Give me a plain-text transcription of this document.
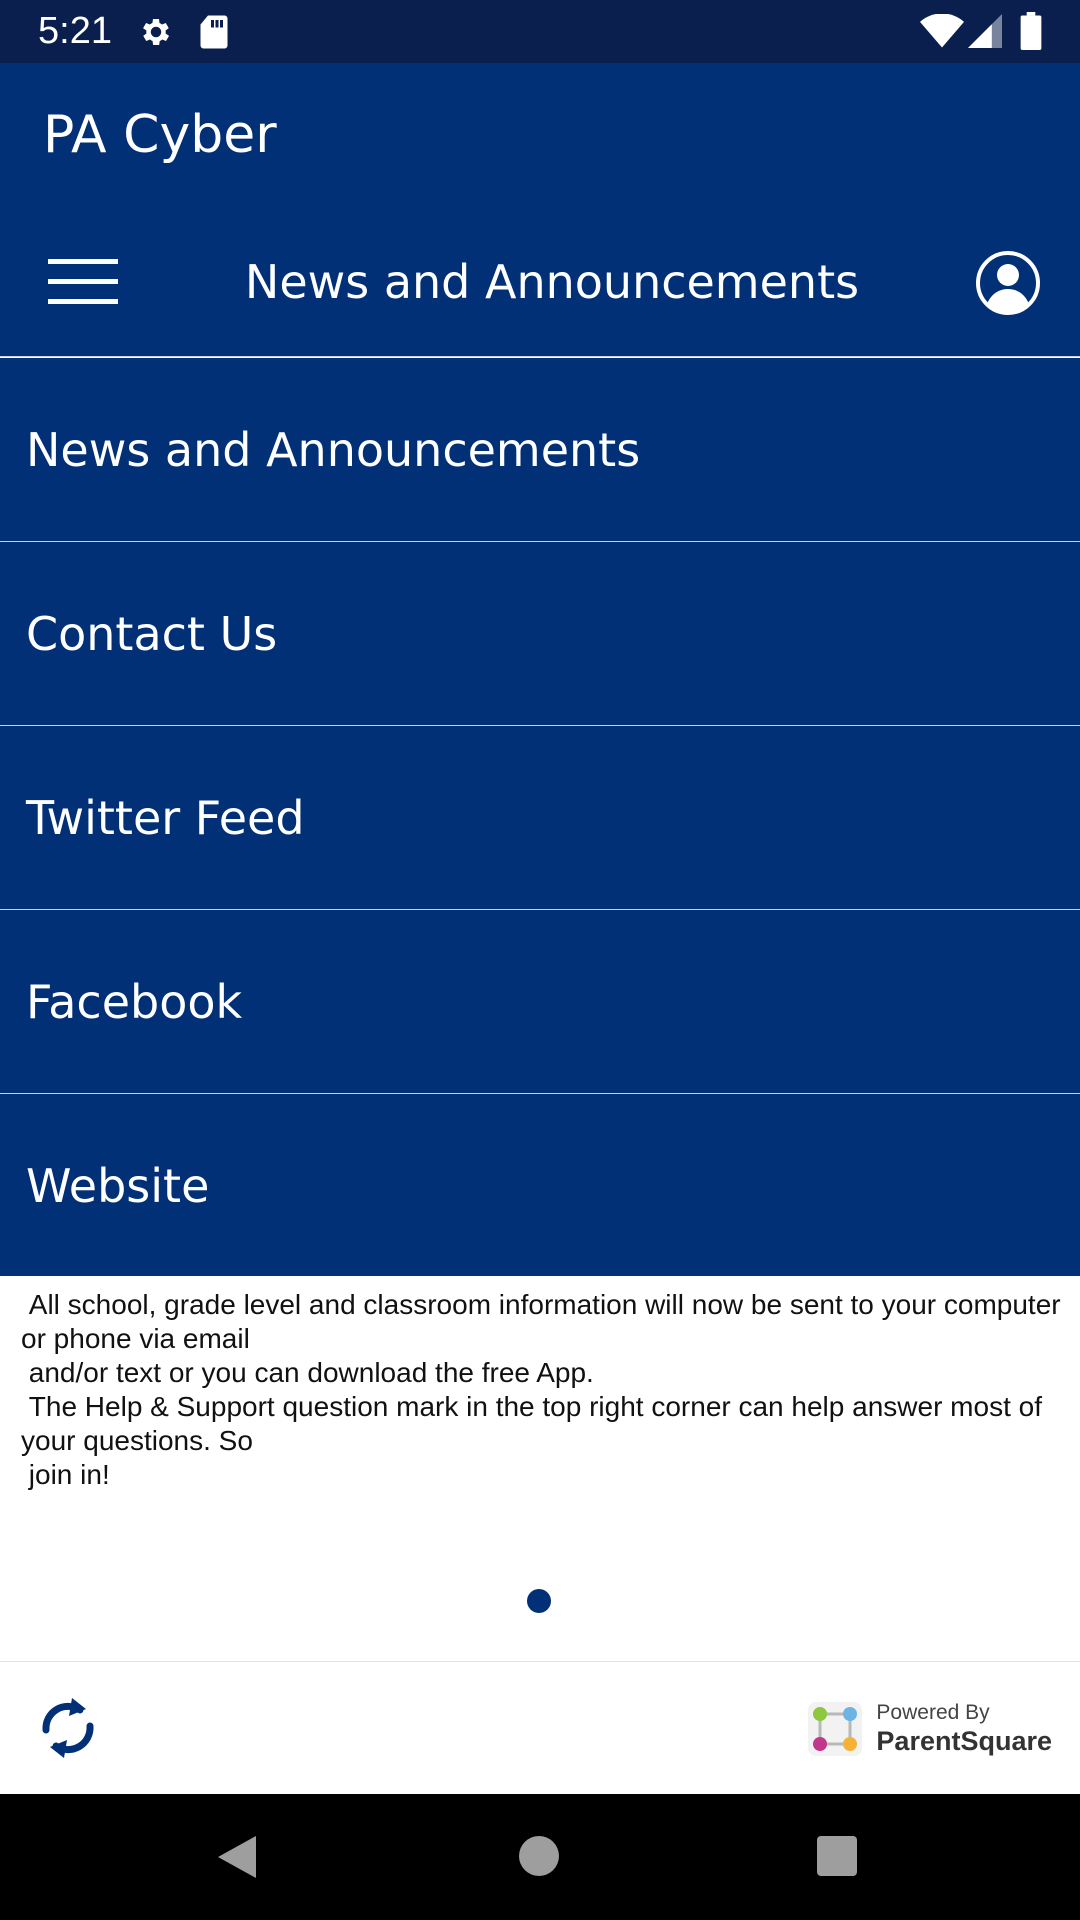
5:21
PA Cyber
News and Announcements
News and Announcements
Contact Us
Twitter Feed
Facebook
Website
All school, grade level and classroom information will now be sent to your computer or phone via email
and/or text or you can download the free App.
The Help & Support question mark in the top right corner can help answer most of your questions. So
join in!
Powered By
ParentSquare
